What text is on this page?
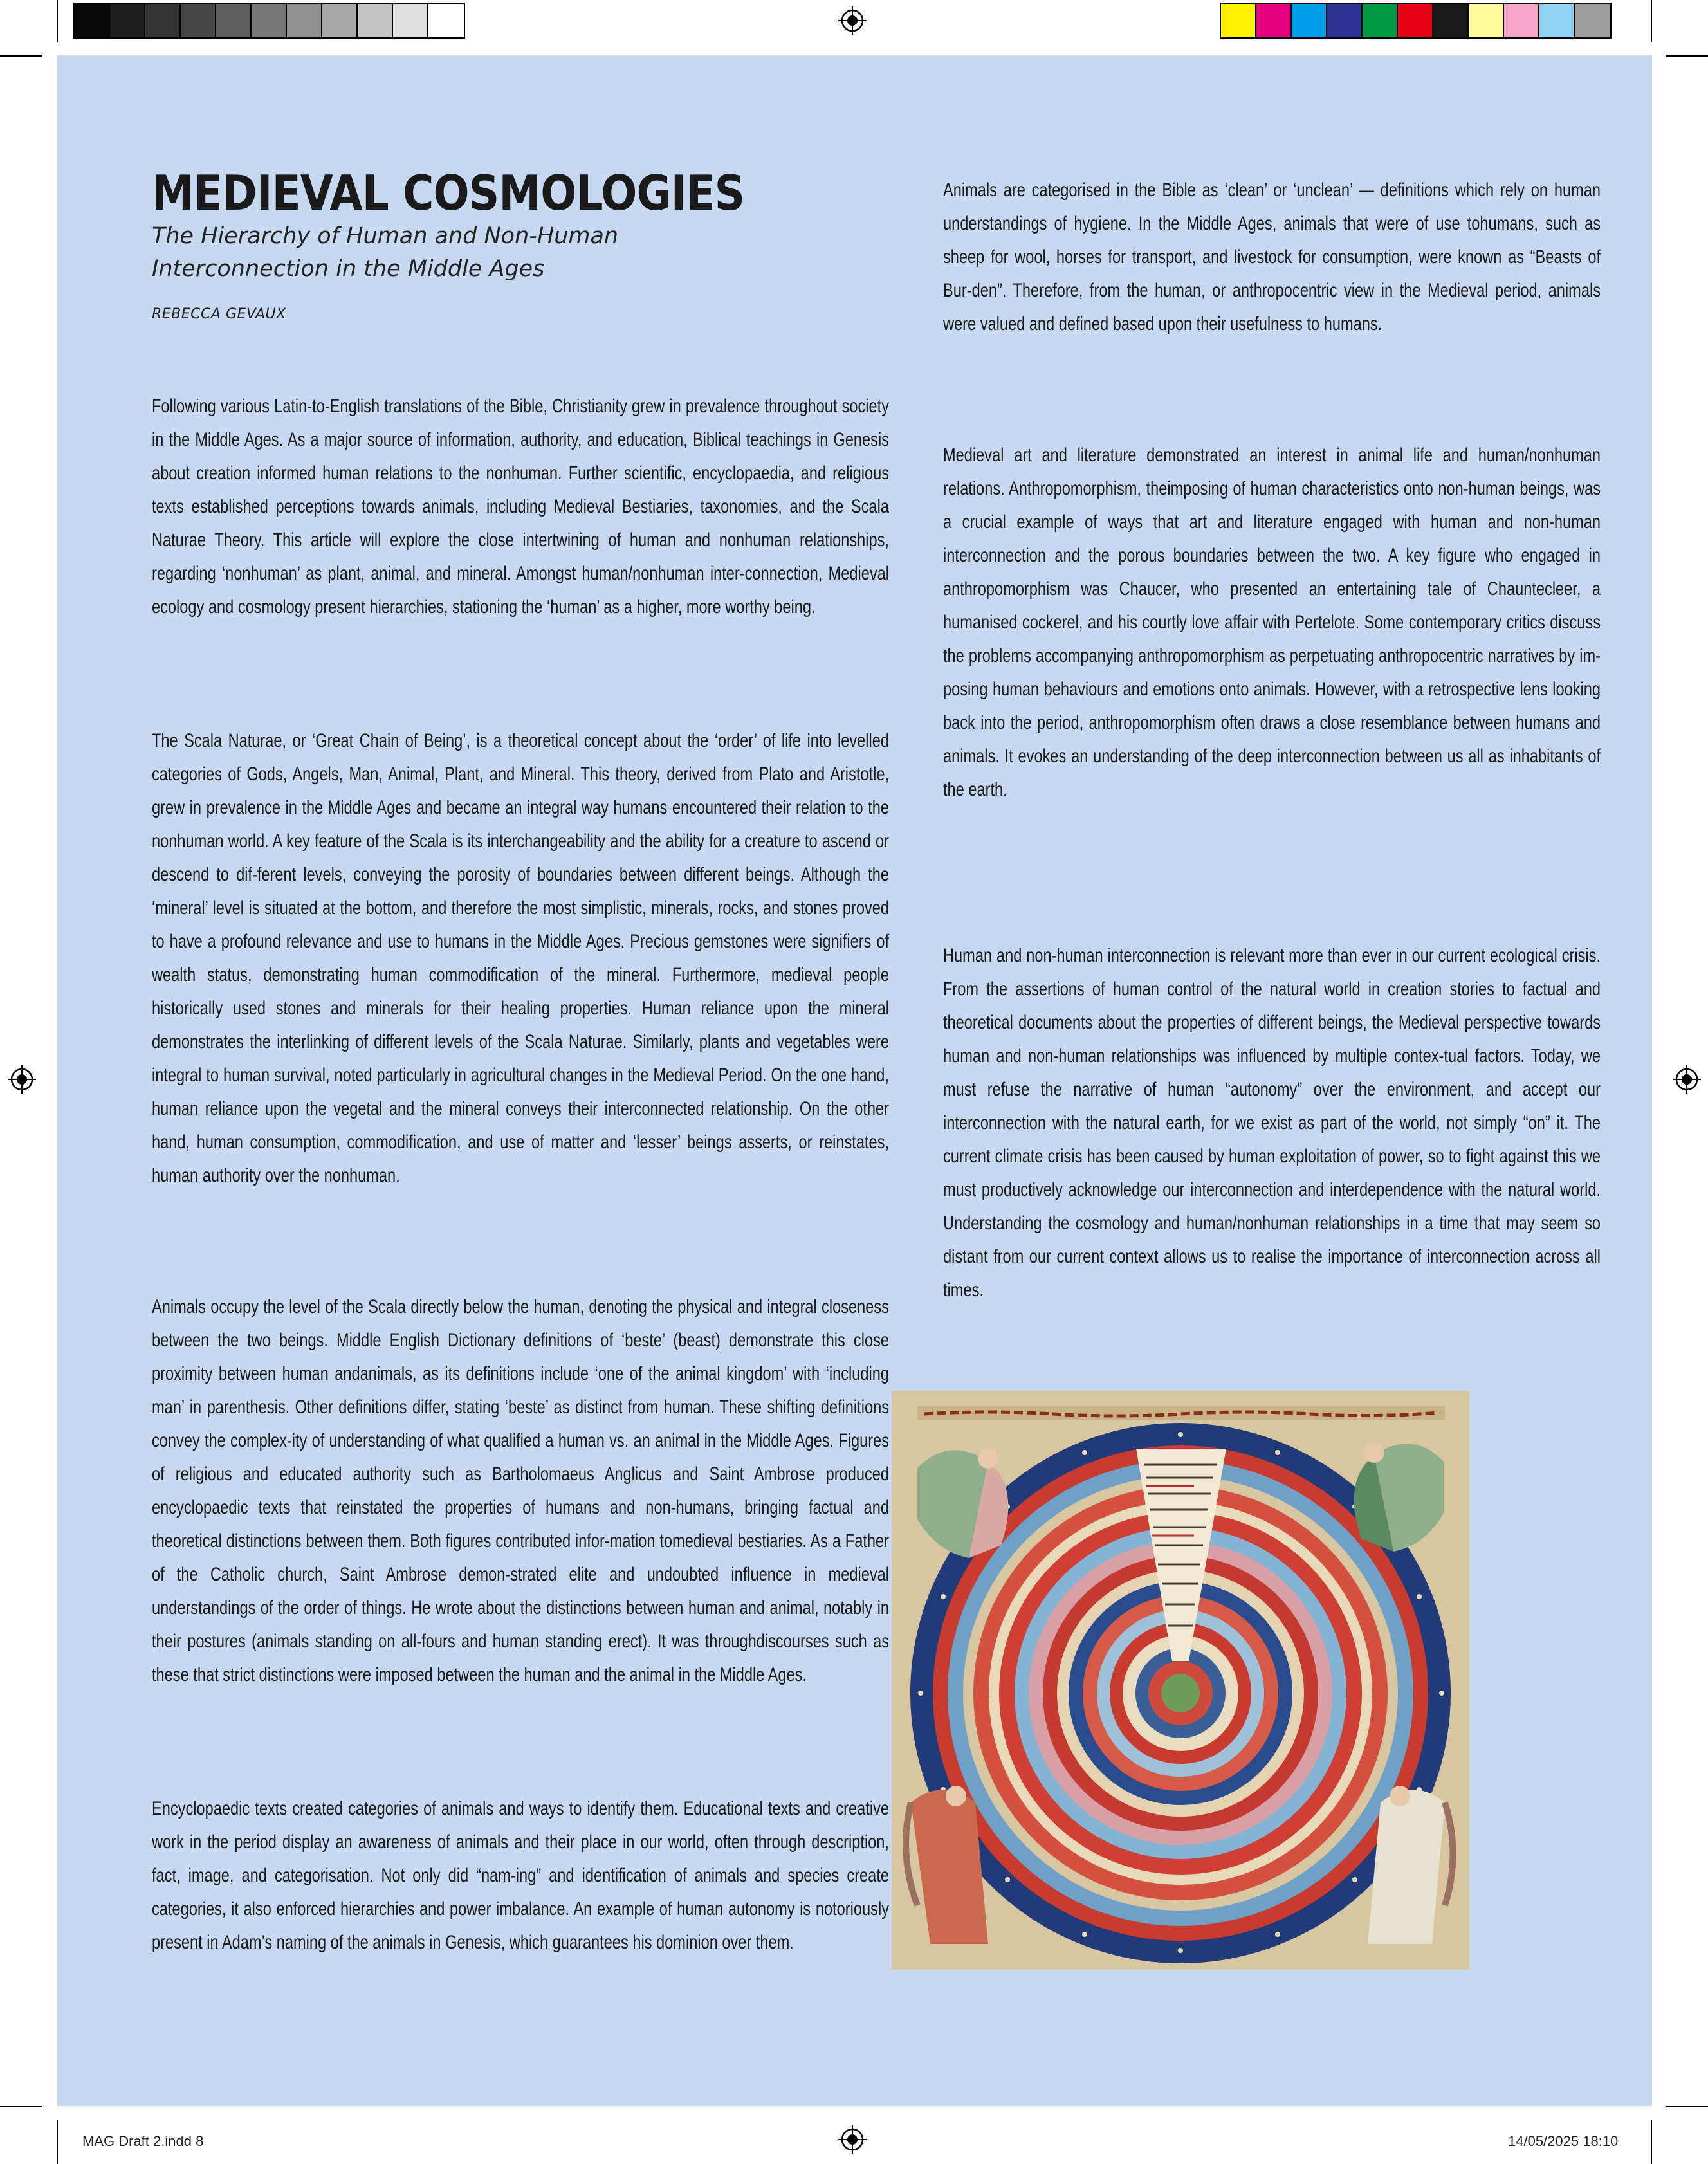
MEDIEVAL COSMOLOGIES
The Hierarchy of Human and Non-Human Interconnection in the Middle Ages
REBECCA GEVAUX

Following various Latin-to-English translations of the Bible, Christianity grew in prevalence throughout society in the Middle Ages. As a major source of information, authority, and education, Biblical teachings in Genesis about creation informed human relations to the nonhuman. Further scientific, encyclopaedia, and religious texts established perceptions towards animals, including Medieval Bestiaries, taxonomies, and the Scala Naturae Theory. This article will explore the close intertwining of human and nonhuman relationships, regarding ‘nonhuman’ as plant, animal, and mineral. Amongst human/nonhuman inter-connection, Medieval ecology and cosmology present hierarchies, stationing the ‘human’ as a higher, more worthy being.

The Scala Naturae, or ‘Great Chain of Being’, is a theoretical concept about the ‘order’ of life into levelled categories of Gods, Angels, Man, Animal, Plant, and Mineral. This theory, derived from Plato and Aristotle, grew in prevalence in the Middle Ages and became an integral way humans encountered their relation to the nonhuman world. A key feature of the Scala is its interchangeability and the ability for a creature to ascend or descend to dif-ferent levels, conveying the porosity of boundaries between different beings. Although the ‘mineral’ level is situated at the bottom, and therefore the most simplistic, minerals, rocks, and stones proved to have a profound relevance and use to humans in the Middle Ages. Precious gemstones were signifiers of wealth status, demonstrating human commodification of the mineral. Furthermore, medieval people historically used stones and minerals for their healing properties. Human reliance upon the mineral demonstrates the interlinking of different levels of the Scala Naturae. Similarly, plants and vegetables were integral to human survival, noted particularly in agricultural changes in the Medieval Period. On the one hand, human reliance upon the vegetal and the mineral conveys their interconnected relationship. On the other hand, human consumption, commodification, and use of matter and ‘lesser’ beings asserts, or reinstates, human authority over the nonhuman.

Animals occupy the level of the Scala directly below the human, denoting the physical and integral closeness between the two beings. Middle English Dictionary definitions of ‘beste’ (beast) demonstrate this close proximity between human andanimals, as its definitions include ‘one of the animal kingdom’ with ‘including man’ in parenthesis. Other definitions differ, stating ‘beste’ as distinct from human. These shifting definitions convey the complex-ity of understanding of what qualified a human vs. an animal in the Middle Ages. Figures of religious and educated authority such as Bartholomaeus Anglicus and Saint Ambrose produced encyclopaedic texts that reinstated the properties of humans and non-humans, bringing factual and theoretical distinctions between them. Both figures contributed infor-mation tomedieval bestiaries. As a Father of the Catholic church, Saint Ambrose demon-strated elite and undoubted influence in medieval understandings of the order of things. He wrote about the distinctions between human and animal, notably in their postures (animals standing on all-fours and human standing erect). It was throughdiscourses such as these that strict distinctions were imposed between the human and the animal in the Middle Ages.

Encyclopaedic texts created categories of animals and ways to identify them. Educational texts and creative work in the period display an awareness of animals and their place in our world, often through description, fact, image, and categorisation. Not only did “nam-ing” and identification of animals and species create categories, it also enforced hierarchies and power imbalance. An example of human autonomy is notoriously present in Adam’s naming of the animals in Genesis, which guarantees his dominion over them.

Animals are categorised in the Bible as ‘clean’ or ‘unclean’ — definitions which rely on human understandings of hygiene. In the Middle Ages, animals that were of use tohumans, such as sheep for wool, horses for transport, and livestock for consumption, were known as “Beasts of Bur-den”. Therefore, from the human, or anthropocentric view in the Medieval period, animals were valued and defined based upon their usefulness to humans.

Medieval art and literature demonstrated an interest in animal life and human/nonhuman relations. Anthropomorphism, theimposing of human characteristics onto non-human beings, was a crucial example of ways that art and literature engaged with human and non-human interconnection and the porous boundaries between the two. A key figure who engaged in anthropomorphism was Chaucer, who presented an entertaining tale of Chauntecleer, a humanised cockerel, and his courtly love affair with Pertelote. Some contemporary critics discuss the problems accompanying anthropomorphism as perpetuating anthropocentric narratives by im-posing human behaviours and emotions onto animals. However, with a retrospective lens looking back into the period, anthropomorphism often draws a close resemblance between humans and animals. It evokes an understanding of the deep interconnection between us all as inhabitants of the earth.

Human and non-human interconnection is relevant more than ever in our current ecological crisis. From the assertions of human control of the natural world in creation stories to factual and theoretical documents about the properties of different beings, the Medieval perspective towards human and non-human relationships was influenced by multiple contex-tual factors. Today, we must refuse the narrative of human “autonomy” over the environment, and accept our interconnection with the natural earth, for we exist as part of the world, not simply “on” it. The current climate crisis has been caused by human exploitation of power, so to fight against this we must productively acknowledge our interconnection and interdependence with the natural world. Understanding the cosmology and human/nonhuman relationships in a time that may seem so distant from our current context allows us to realise the importance of interconnection across all times.

MAG Draft 2.indd 8	14/05/2025 18:10
